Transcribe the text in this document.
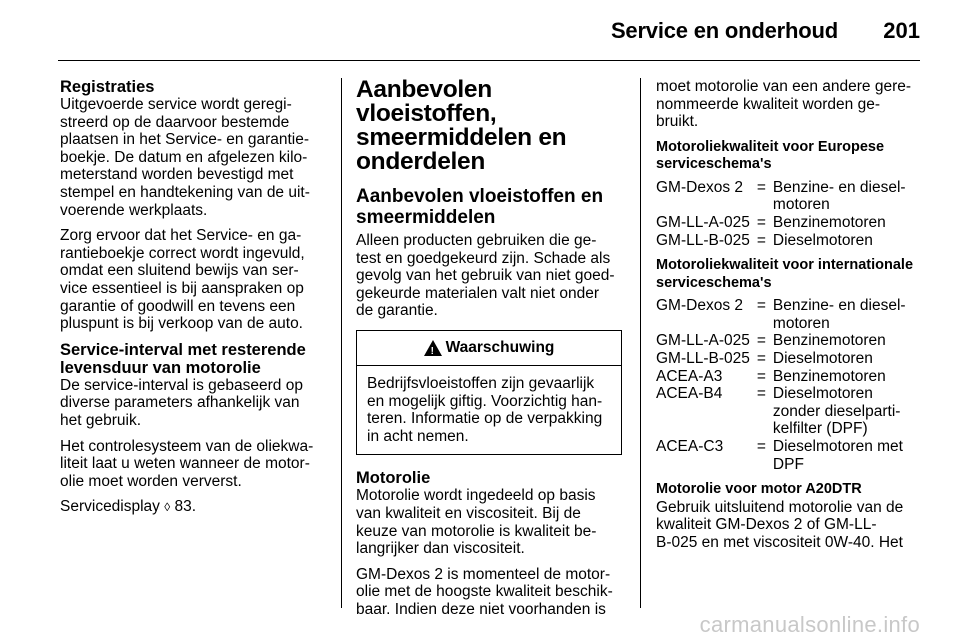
Service en onderhoud 201
Registraties

Uitgevoerde service wordt geregi-
streerd op de daarvoor bestemde
plaatsen in het Service- en garantie-
boekje. De datum en afgelezen kilo-
meterstand worden bevestigd met
stempel en handtekening van de uit-
voerende werkplaats.

Zorg ervoor dat het Service- en ga-
rantieboekje correct wordt ingevuld,
omdat een sluitend bewijs van ser-
vice essentieel is bij aanspraken op
garantie of goodwill en tevens een
pluspunt is bij verkoop van de auto.

Service-interval met resterende
levensduur van motorolie

De service-interval is gebaseerd op
diverse parameters afhankelijk van
het gebruik.

Het controlesysteem van de oliekwa-
liteit laat u weten wanneer de motor-
olie moet worden ververst.

Servicedisplay ◊ 83.

Aanbevolen vloeistoffen,
smeermiddelen en
onderdelen
Aanbevolen vloeistoffen en
smeermiddelen

Alleen producten gebruiken die ge-
test en goedgekeurd zijn. Schade als
gevolg van het gebruik van niet goed-
gekeurde materialen valt niet onder
de garantie.

!
Waarschuwing
Bedrijfsvloeistoffen zijn gevaarlijk
en mogelijk giftig. Voorzichtig han-
teren. Informatie op de verpakking
in acht nemen.
Motorolie

Motorolie wordt ingedeeld op basis
van kwaliteit en viscositeit. Bij de
keuze van motorolie is kwaliteit be-
langrijker dan viscositeit.

GM-Dexos 2 is momenteel de motor-
olie met de hoogste kwaliteit beschik-
baar. Indien deze niet voorhanden is

moet motorolie van een andere gere-
nommeerde kwaliteit worden ge-
bruikt.

Motoroliekwaliteit voor Europese
serviceschema's
GM-Dexos 2	=	Benzine- en diesel-
motoren
GM-LL-A-025	=	Benzinemotoren
GM-LL-B-025	=	Dieselmotoren
Motoroliekwaliteit voor internationale
serviceschema's
GM-Dexos 2	=	Benzine- en diesel-
motoren
GM-LL-A-025	=	Benzinemotoren
GM-LL-B-025	=	Dieselmotoren
ACEA-A3	=	Benzinemotoren
ACEA-B4	=	Dieselmotoren
zonder dieselparti-
kelfilter (DPF)
ACEA-C3	=	Dieselmotoren met
DPF
Motorolie voor motor A20DTR

Gebruik uitsluitend motorolie van de
kwaliteit GM-Dexos 2 of GM-LL-
B-025 en met viscositeit 0W-40. Het

carmanualsonline.info
